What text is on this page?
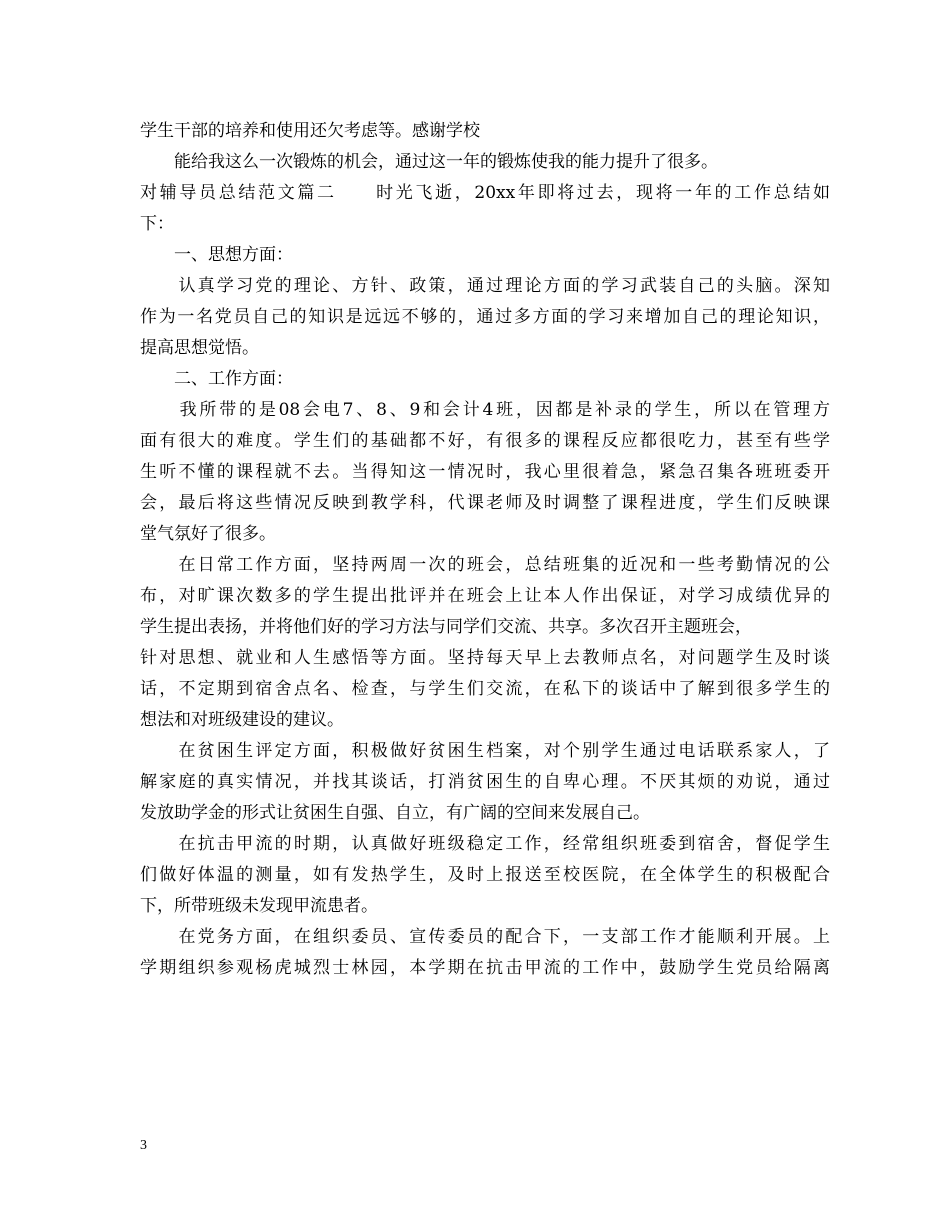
学生干部的培养和使用还欠考虑等。感谢学校
　　能给我这么一次锻炼的机会，通过这一年的锻炼使我的能力提升了很多。
对辅导员总结范文篇二　　时光飞逝，20xx年即将过去，现将一年的工作总结如
下：
　　一、思想方面：
　　认真学习党的理论、方针、政策，通过理论方面的学习武装自己的头脑。深知
作为一名党员自己的知识是远远不够的，通过多方面的学习来增加自己的理论知识，
提高思想觉悟。
　　二、工作方面：
　　我所带的是08会电7、8、9和会计4班，因都是补录的学生，所以在管理方
面有很大的难度。学生们的基础都不好，有很多的课程反应都很吃力，甚至有些学
生听不懂的课程就不去。当得知这一情况时，我心里很着急，紧急召集各班班委开
会，最后将这些情况反映到教学科，代课老师及时调整了课程进度，学生们反映课
堂气氛好了很多。
　　在日常工作方面，坚持两周一次的班会，总结班集的近况和一些考勤情况的公
布，对旷课次数多的学生提出批评并在班会上让本人作出保证，对学习成绩优异的
学生提出表扬，并将他们好的学习方法与同学们交流、共享。多次召开主题班会，
针对思想、就业和人生感悟等方面。坚持每天早上去教师点名，对问题学生及时谈
话，不定期到宿舍点名、检查，与学生们交流，在私下的谈话中了解到很多学生的
想法和对班级建设的建议。
　　在贫困生评定方面，积极做好贫困生档案，对个别学生通过电话联系家人，了
解家庭的真实情况，并找其谈话，打消贫困生的自卑心理。不厌其烦的劝说，通过
发放助学金的形式让贫困生自强、自立，有广阔的空间来发展自己。
　　在抗击甲流的时期，认真做好班级稳定工作，经常组织班委到宿舍，督促学生
们做好体温的测量，如有发热学生，及时上报送至校医院，在全体学生的积极配合
下，所带班级未发现甲流患者。
　　在党务方面，在组织委员、宣传委员的配合下，一支部工作才能顺利开展。上
学期组织参观杨虎城烈士林园，本学期在抗击甲流的工作中，鼓励学生党员给隔离
3
